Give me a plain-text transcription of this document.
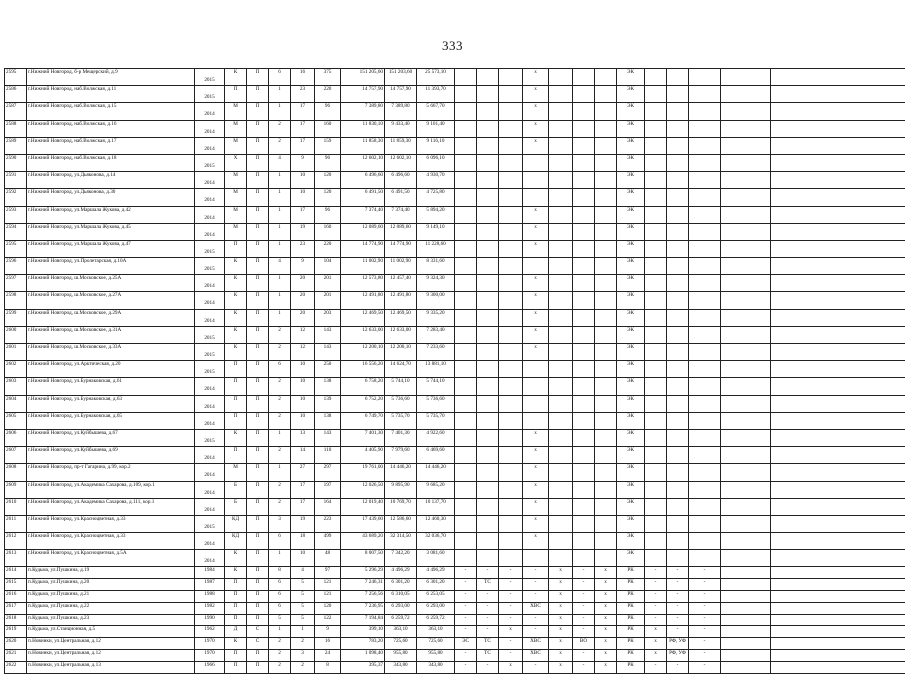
333
2595	г.Нижний Новгород, б-р Мещерский, д.9	2015	К	П	6	16	375	151 205,60	151 203,60	25 573,10				х				ЭК						
2586	г.Нижний Новгород, наб.Волжская, д.11	2015	П	П	1	23	220	14 757,90	14 757,90	11 393,70				х				ЭК						
2587	г.Нижний Новгород, наб.Волжская, д.15	2014	М	П	1	17	96	7 389,80	7 389,80	5 667,70				х				ЭК						
2588	г.Нижний Новгород, наб.Волжская, д.16	2014	М	П	2	17	160	11 830,10	9 433,40	9 101,40				х				ЭК						
2589	г.Нижний Новгород, наб.Волжская, д.17	2014	М	П	2	17	159	11 858,30	11 859,30	9 116,10				х				ЭК						
2590	г.Нижний Новгород, наб.Волжская, д.18	2015	Х	П	4	9	96	12 602,10	12 602,10	6 096,10								ЭК						
2591	г.Нижний Новгород, ул.Дьяконова, д.14	2014	М	П	1	10	120	6 496,60	6 496,60	4 930,70								ЭК						
2592	г.Нижний Новгород, ул.Дьяконова, д.30	2014	М	П	1	10	120	6 491,50	6 491,50	4 725,80								ЭК						
2593	г.Нижний Новгород, ул.Маршала Жукова, д.42	2014	М	П	1	17	96	7 374,40	7 374,40	5 894,20				х				ЭК						
2594	г.Нижний Новгород, ул.Маршала Жукова, д.45	2014	М	П	1	19	160	12 089,60	12 089,60	9 149,10				х				ЭК						
2595	г.Нижний Новгород, ул.Маршала Жукова, д.47	2015	П	П	1	23	220	14 774,90	14 774,90	11 228,60				х				ЭК						
2596	г.Нижний Новгород, ул.Пролетарская, д.10А	2015	К	П	4	9	104	11 002,90	11 002,90	8 331,60								ЭК						
2597	г.Нижний Новгород, ш.Московское, д.25А	2014	К	П	1	20	201	12 573,80	12 457,40	9 324,30				х				ЭК						
2598	г.Нижний Новгород, ш.Московское, д.27А	2014	К	П	1	20	201	12 491,80	12 491,80	9 300,00				х				ЭК						
2599	г.Нижний Новгород, ш.Московское, д.29А	2014	К	П	1	20	203	12 469,50	12 469,50	9 335,20				х				ЭК						
2600	г.Нижний Новгород, ш.Московское, д.31А	2015	К	П	2	12	143	12 633,00	12 633,00	7 283,40				х				ЭК						
2601	г.Нижний Новгород, ш.Московское, д.33А	2015	К	П	2	12	143	12 200,10	12 200,10	7 233,60				х				ЭК						
2602	г.Нижний Новгород, ул.Арктическая, д.20	2015	П	П	6	10	250	16 556,20	14 624,70	13 881,10								ЭК						
2603	г.Нижний Новгород, ул.Бурнаковская, д.61	2014	П	П	2	10	138	6 758,20	5 744,10	5 744,10								ЭК						
2604	г.Нижний Новгород, ул.Бурнаковская, д.63	2014	П	П	2	10	139	6 752,20	5 736,60	5 736,60								ЭК						
2605	г.Нижний Новгород, ул.Бурнаковская, д.65	2014	П	П	2	10	138	6 749,70	5 735,70	5 735,70								ЭК						
2606	г.Нижний Новгород, ул.Куйбышева, д.67	2015	К	П	1	13	143	7 401,30	7 401,30	4 922,60				х				ЭК						
2607	г.Нижний Новгород, ул.Куйбышева, д.69	2014	П	П	2	14	110	4 405,90	7 979,60	6 469,60				х				ЭК						
2608	г.Нижний Новгород, пр-т Гагарина, д.99, кор.2	2014	М	П	1	27	297	19 761,00	14 446,20	14 446,20				х				ЭК						
2609	г.Нижний Новгород, ул.Академика Сахарова, д.109, кор.1	2014	Б	П	2	17	197	12 026,50	9 895,90	9 685,20				х				ЭК						
2610	г.Нижний Новгород, ул.Академика Сахарова, д.111, кор.1	2014	Б	П	2	17	164	12 019,40	10 769,70	10 137,70				х				ЭК						
2611	г.Нижний Новгород, ул.Красноцветная, д.33	2015	КД	П	3	19	223	17 439,60	12 586,60	12 460,30				х				ЭК						
2612	г.Нижний Новгород, ул.Красноцветная, д.33	2014	КД	П	6	18	499	43 689,20	32 314,50	32 036,70				х				ЭК						
2613	г.Нижний Новгород, ул.Красноцветная, д.5А	2014	К	П	1	10	48	8 007,50	7 342,20	3 081,60								ЭК						
2614	п.Кудьма, ул.Пушкина, д.19	1984	К	П	8	4	97	5 296,29	4 496,29	4 496,29	-	-	-	-	х	-	х	РК	-	-	-			
2615	п.Кудьма, ул.Пушкина, д.20	1987	П	П	6	5	121	7 246,31	6 301,20	6 301,20	-	ТС	-	-	х	-	х	РК	-	-	-			
2616	п.Кудьма, ул.Пушкина, д.21	1988	П	П	6	5	121	7 256,56	6 310,05	6 253,05	-	-	-	-	х	-	х	РК	-	-	-			
2617	п.Кудьма, ул.Пушкина, д.22	1982	П	П	6	5	120	7 236,95	6 293,00	6 293,00	-	-	-	ХВС	х	-	х	РК	-	-	-			
2618	п.Кудьма, ул.Пушкина, д.23	1990	П	П	5	5	122	7 194,84	6 259,72	6 259,72	-	-	-	-	х	-	х	РК	-	-	-			
2619	п.Кудьма, ул.Станционная, д.5	1962	Д	С	1	1	9	399,10	363,10	363,10	-	-	х	-	х	-	х	РК	х	-	-			
2620	п.Новинки, ул.Центральная, д.12	1970	К	С	2	2	16	783,20	725,60	725,60	ЭС	ТС	-	ХВС	х	ВО	х	РК	х	РФ, УФ	-			
2621	п.Новинки, ул.Центральная, д.12	1970	П	П	2	3	24	1 098,40	955,80	955,80	-	ТС	-	ХВС	х	-	х	РК	х	РФ, УФ	-			
2622	п.Новинки, ул.Центральная, д.13	1966	П	П	2	2	8	395,37	343,80	343,80	-	-	х	-	х	-	х	РК	-	-	-			
